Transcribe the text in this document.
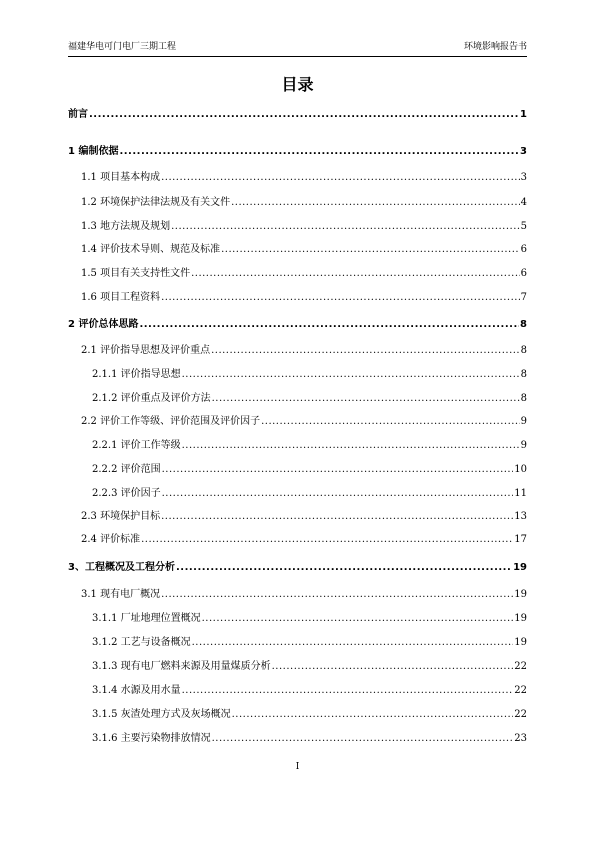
福建华电可门电厂三期工程	环境影响报告书
目录
前言 .....	1
1 编制依据 .....	3
1.1 项目基本构成 .....	3
1.2 环境保护法律法规及有关文件 .....	4
1.3 地方法规及规划 .....	5
1.4 评价技术导则、规范及标准 .....	6
1.5 项目有关支持性文件 .....	6
1.6 项目工程资料 .....	7
2 评价总体思路 .....	8
2.1 评价指导思想及评价重点 .....	8
2.1.1 评价指导思想 .....	8
2.1.2 评价重点及评价方法 .....	8
2.2 评价工作等级、评价范围及评价因子 .....	9
2.2.1 评价工作等级 .....	9
2.2.2 评价范围 .....	10
2.2.3 评价因子 .....	11
2.3 环境保护目标 .....	13
2.4 评价标准 .....	17
3、工程概况及工程分析 .....	19
3.1 现有电厂概况 .....	19
3.1.1 厂址地理位置概况 .....	19
3.1.2 工艺与设备概况 .....	19
3.1.3 现有电厂燃料来源及用量煤质分析 .....	22
3.1.4 水源及用水量 .....	22
3.1.5 灰渣处理方式及灰场概况 .....	22
3.1.6 主要污染物排放情况 .....	23
I
